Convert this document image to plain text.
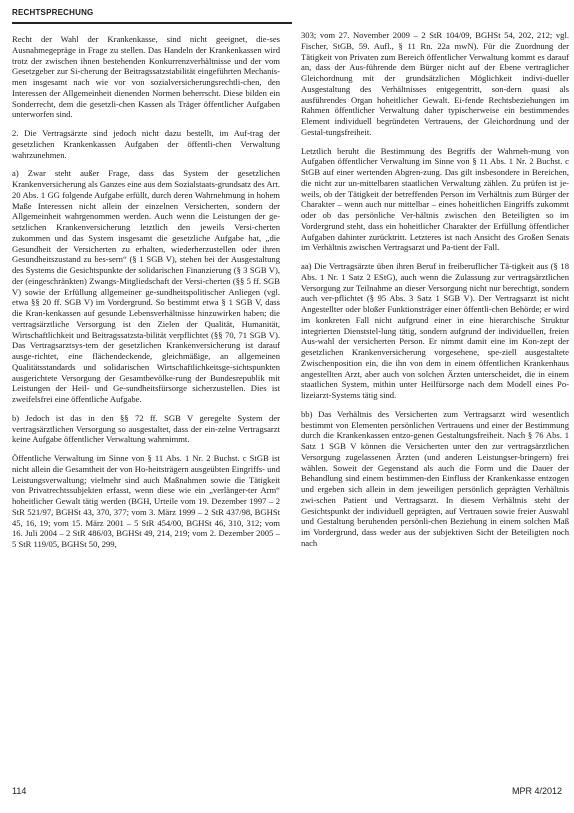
RECHTSPRECHUNG

Recht der Wahl der Krankenkasse, sind nicht geeignet, die-ses Ausnahmegepräge in Frage zu stellen. Das Handeln der Krankenkassen wird trotz der zwischen ihnen bestehenden Konkurrenzverhältnisse und der vom Gesetzgeber zur Si-cherung der Beitragssatzstabilität eingeführten Mechanis-men insgesamt nach wie vor von sozialversicherungsrechtli-chen, den Interessen der Allgemeinheit dienenden Normen beherrscht. Diese bilden ein Sonderrecht, dem die gesetzli-chen Kassen als Träger öffentlicher Aufgaben unterworfen sind.

2. Die Vertragsärzte sind jedoch nicht dazu bestellt, im Auf-trag der gesetzlichen Krankenkassen Aufgaben der öffentli-chen Verwaltung wahrzunehmen.

a) Zwar steht außer Frage, dass das System der gesetzlichen Krankenversicherung als Ganzes eine aus dem Sozialstaats-grundsatz des Art. 20 Abs. 1 GG folgende Aufgabe erfüllt, durch deren Wahrnehmung in hohem Maße Interessen nicht allein der einzelnen Versicherten, sondern der Allgemeinheit wahrgenommen werden. Auch wenn die Leistungen der ge-setzlichen Krankenversicherung letztlich den jeweils Versi-cherten zukommen und das System insgesamt die gesetzliche Aufgabe hat, „die Gesundheit der Versicherten zu erhalten, wiederherzustellen oder ihren Gesundheitszustand zu bes-sern“ (§ 1 SGB V), stehen bei der Ausgestaltung des Systems die Gesichtspunkte der solidarischen Finanzierung (§ 3 SGB V), der (eingeschränkten) Zwangs-Mitgliedschaft der Versi-cherten (§§ 5 ff. SGB V) sowie der Erfüllung allgemeiner ge-sundheitspolitischer Anliegen (vgl. etwa §§ 20 ff. SGB V) im Vordergrund. So bestimmt etwa § 1 SGB V, dass die Kran-kenkassen auf gesunde Lebensverhältnisse hinzuwirken haben; die vertragsärztliche Versorgung ist den Zielen der Qualität, Humanität, Wirtschaftlichkeit und Beitragssatzsta-bilität verpflichtet (§§ 70, 71 SGB V). Das Vertragsarztsys-tem der gesetzlichen Krankenversicherung ist darauf ausge-richtet, eine flächendeckende, gleichmäßige, an allgemeinen Qualitätsstandards und solidarischen Wirtschaftlichkeitsge-sichtspunkten ausgerichtete Versorgung der Gesamtbevölke-rung der Bundesrepublik mit Leistungen der Heil- und Ge-sundheitsfürsorge sicherzustellen. Dies ist zweifelsfrei eine öffentliche Aufgabe.

b) Jedoch ist das in den §§ 72 ff. SGB V geregelte System der vertragsärztlichen Versorgung so ausgestaltet, dass der ein-zelne Vertragsarzt keine Aufgabe öffentlicher Verwaltung wahrnimmt.

Öffentliche Verwaltung im Sinne von § 11 Abs. 1 Nr. 2 Buchst. c StGB ist nicht allein die Gesamtheit der von Ho-heitsträgern ausgeübten Eingriffs- und Leistungsverwaltung; vielmehr sind auch Maßnahmen sowie die Tätigkeit von Privatrechtssubjekten erfasst, wenn diese wie ein „verlänger-ter Arm“ hoheitlicher Gewalt tätig werden (BGH, Urteile vom 19. Dezember 1997 – 2 StR 521/97, BGHSt 43, 370, 377; vom 3. März 1999 – 2 StR 437/98, BGHSt 45, 16, 19; vom 15. März 2001 – 5 StR 454/00, BGHSt 46, 310, 312; vom 16. Juli 2004 – 2 StR 486/03, BGHSt 49, 214, 219; vom 2. Dezember 2005 – 5 StR 119/05, BGHSt 50, 299,

303; vom 27. November 2009 – 2 StR 104/09, BGHSt 54, 202, 212; vgl. Fischer, StGB, 59. Aufl., § 11 Rn. 22a mwN). Für die Zuordnung der Tätigkeit von Privaten zum Bereich öffentlicher Verwaltung kommt es darauf an, dass der Aus-führende dem Bürger nicht auf der Ebene vertraglicher Gleichordnung mit der grundsätzlichen Möglichkeit indivi-dueller Ausgestaltung des Verhältnisses entgegentritt, son-dern quasi als ausführendes Organ hoheitlicher Gewalt. Ei-fende Rechtsbeziehungen im Rahmen öffentlicher Verwaltung daher typischerweise ein bestimmendes Element individuell begründeten Vertrauens, der Gleichordnung und der Gestal-tungsfreiheit.

Letztlich beruht die Bestimmung des Begriffs der Wahrneh-mung von Aufgaben öffentlicher Verwaltung im Sinne von § 11 Abs. 1 Nr. 2 Buchst. c StGB auf einer wertenden Abgren-zung. Das gilt insbesondere in Bereichen, die nicht zur un-mittelbaren staatlichen Verwaltung zählen. Zu prüfen ist je-weils, ob der Tätigkeit der betreffenden Person im Verhältnis zum Bürger der Charakter – wenn auch nur mittelbar – eines hoheitlichen Eingriffs zukommt oder ob das persönliche Ver-hältnis zwischen den Beteiligten so im Vordergrund steht, dass ein hoheitlicher Charakter der Erfüllung öffentlicher Aufgaben dahinter zurücktritt. Letzteres ist nach Ansicht des Großen Senats im Verhältnis zwischen Vertragsarzt und Pa-tient der Fall.

aa) Die Vertragsärzte üben ihren Beruf in freiberuflicher Tä-tigkeit aus (§ 18 Abs. 1 Nr. 1 Satz 2 EStG), auch wenn die Zulassung zur vertragsärztlichen Versorgung zur Teilnahme an dieser Versorgung nicht nur berechtigt, sondern auch ver-pflichtet (§ 95 Abs. 3 Satz 1 SGB V). Der Vertragsarzt ist nicht Angestellter oder bloßer Funktionsträger einer öffentli-chen Behörde; er wird im konkreten Fall nicht aufgrund einer in eine hierarchische Struktur integrierten Dienststel-lung tätig, sondern aufgrund der individuellen, freien Aus-wahl der versicherten Person. Er nimmt damit eine im Kon-zept der gesetzlichen Krankenversicherung vorgesehene, spe-ziell ausgestaltete Zwischenposition ein, die ihn von dem in einem öffentlichen Krankenhaus angestellten Arzt, aber auch von solchen Ärzten unterscheidet, die in einem staatlichen System, mithin unter Heilfürsorge nach dem Modell eines Po-lizeiarzt-Systems tätig sind.

bb) Das Verhältnis des Versicherten zum Vertragsarzt wird wesentlich bestimmt von Elementen persönlichen Vertrauens und einer der Bestimmung durch die Krankenkassen entzo-genen Gestaltungsfreiheit. Nach § 76 Abs. 1 Satz 1 SGB V können die Versicherten unter den zur vertragsärztlichen Versorgung zugelassenen Ärzten (und anderen Leistungser-bringern) frei wählen. Soweit der Gegenstand als auch die Form und die Dauer der Behandlung sind einem bestimmen-den Einfluss der Krankenkasse entzogen und ergeben sich allein in dem jeweiligen persönlich geprägten Verhältnis zwi-schen Patient und Vertragsarzt. In diesem Verhältnis steht der Gesichtspunkt der individuell geprägten, auf Vertrauen sowie freier Auswahl und Gestaltung beruhenden persönli-chen Beziehung in einem solchen Maß im Vordergrund, dass weder aus der subjektiven Sicht der Beteiligten noch nach

114	MPR 4/2012
